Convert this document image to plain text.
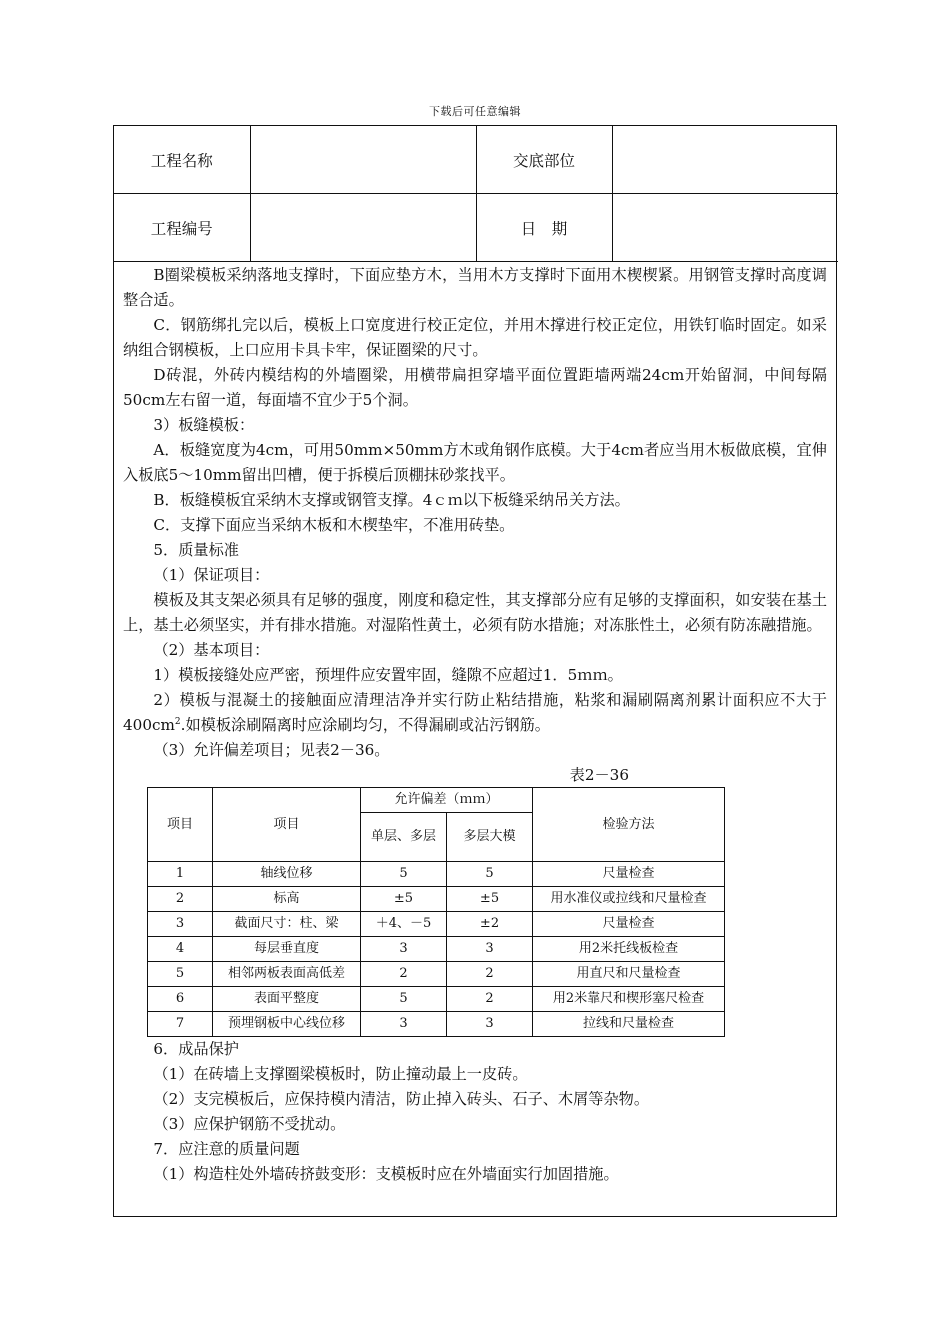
下载后可任意编辑
工程名称		交底部位	
工程编号		日　期	

B圈梁模板采纳落地支撑时，下面应垫方木，当用木方支撑时下面用木楔楔紧。用钢管支撑时高度调整合适。

C．钢筋绑扎完以后，模板上口宽度进行校正定位，并用木撑进行校正定位，用铁钉临时固定。如采纳组合钢模板，上口应用卡具卡牢，保证圈梁的尺寸。

D砖混，外砖内模结构的外墙圈梁，用横带扁担穿墙平面位置距墙两端24cm开始留洞，中间每隔50cm左右留一道，每面墙不宜少于5个洞。

3）板缝模板：

A．板缝宽度为4cm，可用50mm×50mm方木或角钢作底模。大于4cm者应当用木板做底模，宜伸入板底5～10mm留出凹槽，便于拆模后顶棚抹砂浆找平。

B．板缝模板宜采纳木支撑或钢管支撑。4ｃｍ以下板缝采纳吊关方法。

C．支撑下面应当采纳木板和木楔垫牢，不准用砖垫。

5．质量标准

（1）保证项目：

模板及其支架必须具有足够的强度，刚度和稳定性，其支撑部分应有足够的支撑面积，如安装在基土上，基土必须坚实，并有排水措施。对湿陷性黄土，必须有防水措施；对冻胀性土，必须有防冻融措施。

（2）基本项目：

1）模板接缝处应严密，预埋件应安置牢固，缝隙不应超过1．5ｍｍ。

2）模板与混凝土的接触面应清理洁净并实行防止粘结措施，粘浆和漏刷隔离剂累计面积应不大于$400cm^2$.如模板涂刷隔离时应涂刷均匀，不得漏刷或沾污钢筋。

（3）允许偏差项目；见表2－36。

表2－36

项目	项目	允许偏差（ｍｍ）		检验方法
		单层、多层	多层大模	
1	轴线位移	5	5	尺量检查
2	标高	±5	±5	用水准仪或拉线和尺量检查
3	截面尺寸：柱、梁	＋4、－5	±2	尺量检查
4	每层垂直度	3	3	用2米托线板检查
5	相邻两板表面高低差	2	2	用直尺和尺量检查
6	表面平整度	5	2	用2米靠尺和楔形塞尺检查
7	预埋钢板中心线位移	3	3	拉线和尺量检查

6．成品保护

（1）在砖墙上支撑圈梁模板时，防止撞动最上一皮砖。

（2）支完模板后，应保持模内清洁，防止掉入砖头、石子、木屑等杂物。

（3）应保护钢筋不受扰动。

7．应注意的质量问题

（1）构造柱处外墙砖挤鼓变形：支模板时应在外墙面实行加固措施。
